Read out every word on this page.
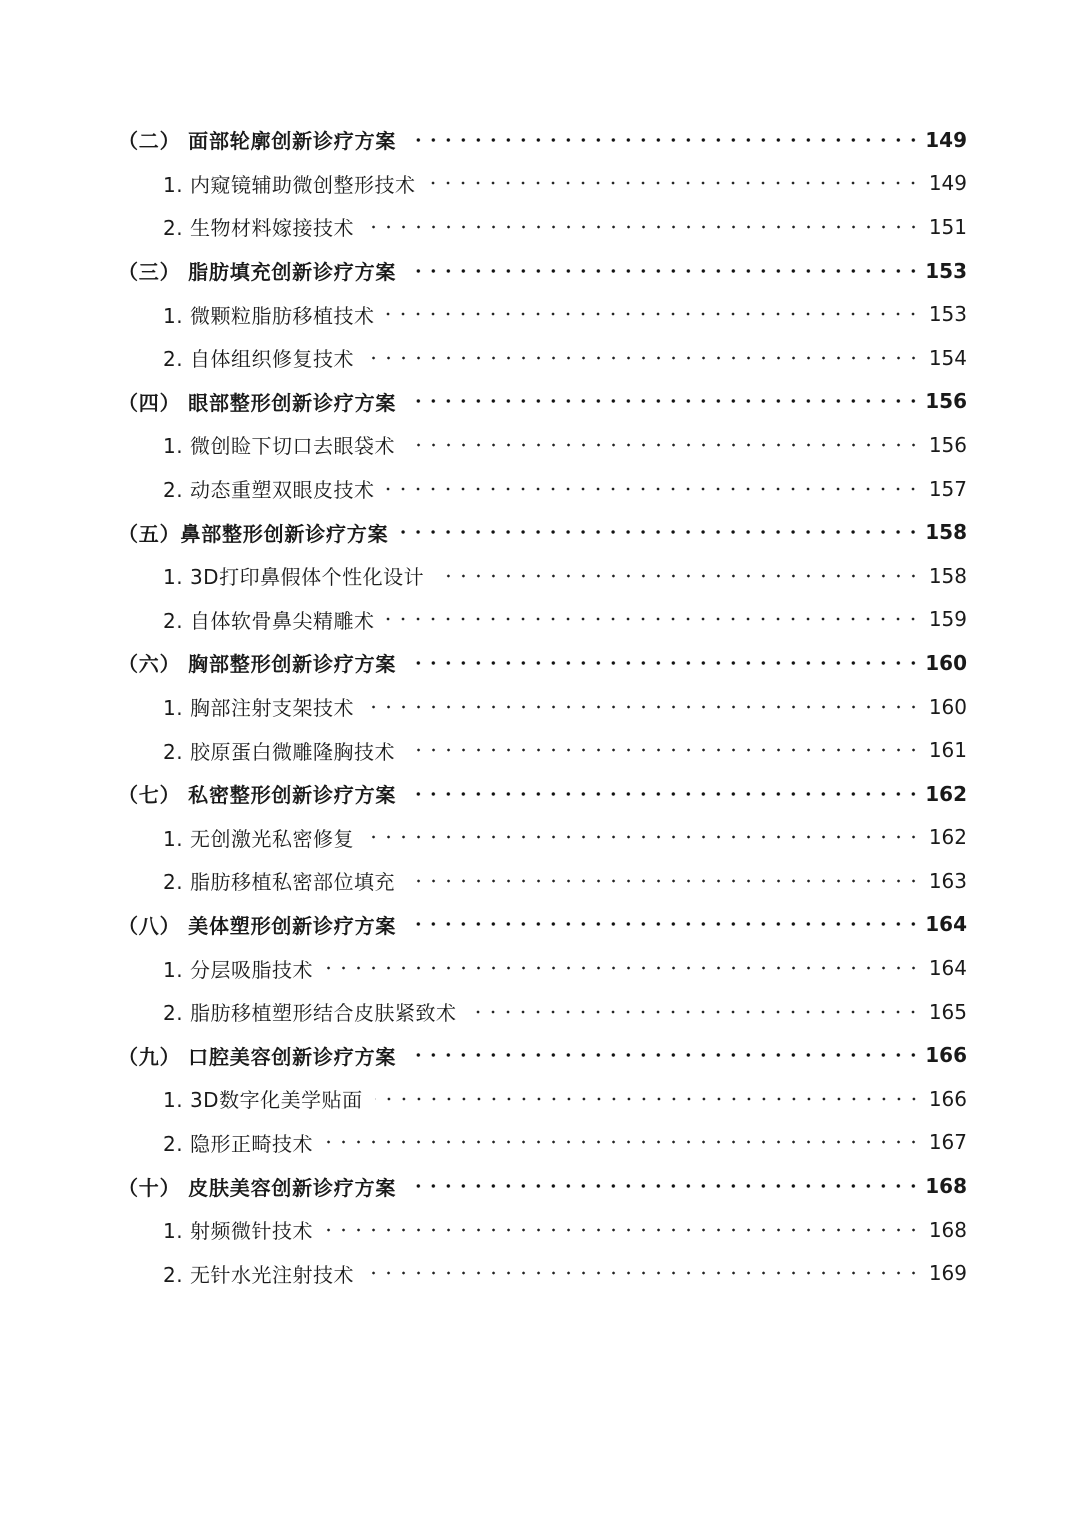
（二） 面部轮廓创新诊疗方案	149
1. 内窥镜辅助微创整形技术	149
2. 生物材料嫁接技术	151
（三） 脂肪填充创新诊疗方案	153
1. 微颗粒脂肪移植技术	153
2. 自体组织修复技术	154
（四） 眼部整形创新诊疗方案	156
1. 微创睑下切口去眼袋术	156
2. 动态重塑双眼皮技术	157
（五）鼻部整形创新诊疗方案	158
1. 3D打印鼻假体个性化设计	158
2. 自体软骨鼻尖精雕术	159
（六） 胸部整形创新诊疗方案	160
1. 胸部注射支架技术	160
2. 胶原蛋白微雕隆胸技术	161
（七） 私密整形创新诊疗方案	162
1. 无创激光私密修复	162
2. 脂肪移植私密部位填充	163
（八） 美体塑形创新诊疗方案	164
1. 分层吸脂技术	164
2. 脂肪移植塑形结合皮肤紧致术	165
（九） 口腔美容创新诊疗方案	166
1. 3D数字化美学贴面	166
2. 隐形正畸技术	167
（十） 皮肤美容创新诊疗方案	168
1. 射频微针技术	168
2. 无针水光注射技术	169
